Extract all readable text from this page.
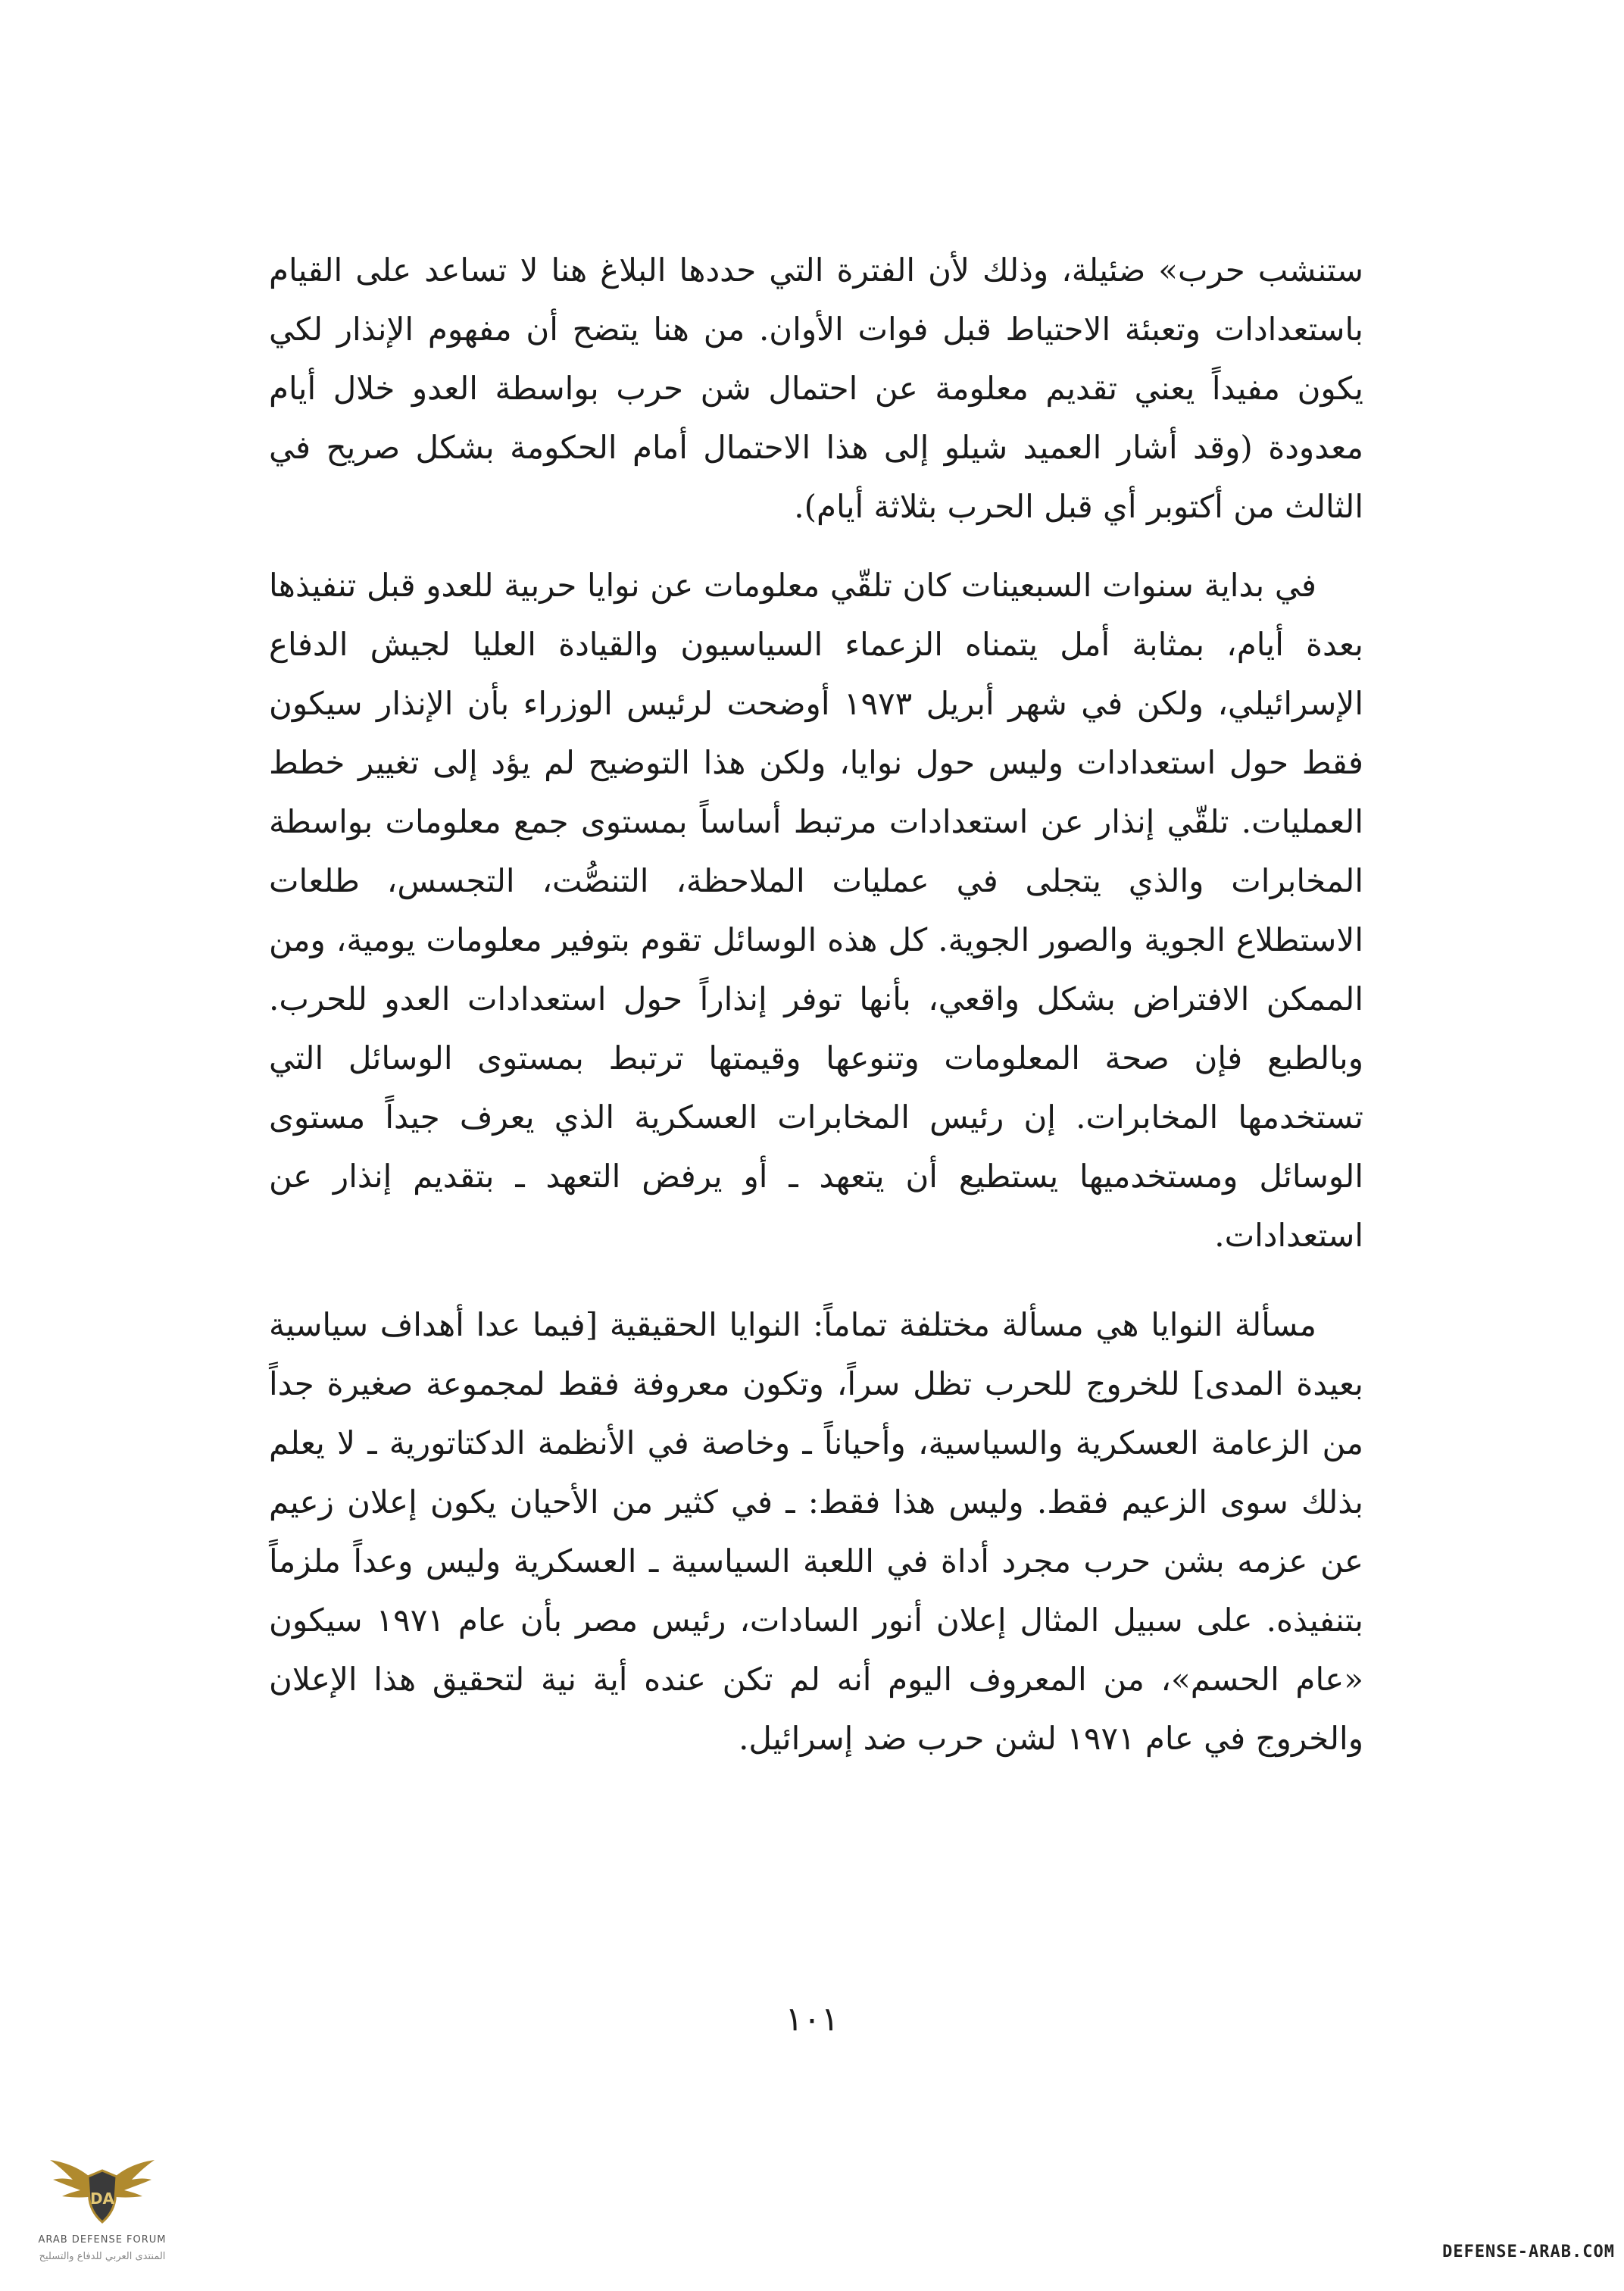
ستنشب حرب» ضئيلة، وذلك لأن الفترة التي حددها البلاغ هنا لا تساعد على القيام باستعدادات وتعبئة الاحتياط قبل فوات الأوان. من هنا يتضح أن مفهوم الإنذار لكي يكون مفيداً يعني تقديم معلومة عن احتمال شن حرب بواسطة العدو خلال أيام معدودة (وقد أشار العميد شيلو إلى هذا الاحتمال أمام الحكومة بشكل صريح في الثالث من أكتوبر أي قبل الحرب بثلاثة أيام).

في بداية سنوات السبعينات كان تلقّي معلومات عن نوايا حربية للعدو قبل تنفيذها بعدة أيام، بمثابة أمل يتمناه الزعماء السياسيون والقيادة العليا لجيش الدفاع الإسرائيلي، ولكن في شهر أبريل ١٩٧٣ أوضحت لرئيس الوزراء بأن الإنذار سيكون فقط حول استعدادات وليس حول نوايا، ولكن هذا التوضيح لم يؤد إلى تغيير خطط العمليات. تلقّي إنذار عن استعدادات مرتبط أساساً بمستوى جمع معلومات بواسطة المخابرات والذي يتجلى في عمليات الملاحظة، التنصُّت، التجسس، طلعات الاستطلاع الجوية والصور الجوية. كل هذه الوسائل تقوم بتوفير معلومات يومية، ومن الممكن الافتراض بشكل واقعي، بأنها توفر إنذاراً حول استعدادات العدو للحرب. وبالطبع فإن صحة المعلومات وتنوعها وقيمتها ترتبط بمستوى الوسائل التي تستخدمها المخابرات. إن رئيس المخابرات العسكرية الذي يعرف جيداً مستوى الوسائل ومستخدميها يستطيع أن يتعهد ـ أو يرفض التعهد ـ بتقديم إنذار عن استعدادات.

مسألة النوايا هي مسألة مختلفة تماماً: النوايا الحقيقية [فيما عدا أهداف سياسية بعيدة المدى] للخروج للحرب تظل سراً، وتكون معروفة فقط لمجموعة صغيرة جداً من الزعامة العسكرية والسياسية، وأحياناً ـ وخاصة في الأنظمة الدكتاتورية ـ لا يعلم بذلك سوى الزعيم فقط. وليس هذا فقط: ـ في كثير من الأحيان يكون إعلان زعيم عن عزمه بشن حرب مجرد أداة في اللعبة السياسية ـ العسكرية وليس وعداً ملزماً بتنفيذه. على سبيل المثال إعلان أنور السادات، رئيس مصر بأن عام ١٩٧١ سيكون «عام الحسم»، من المعروف اليوم أنه لم تكن عنده أية نية لتحقيق هذا الإعلان والخروج في عام ١٩٧١ لشن حرب ضد إسرائيل.

١٠١
DA
ARAB DEFENSE FORUM
المنتدى العربي للدفاع والتسليح	DEFENSE-ARAB.COM
